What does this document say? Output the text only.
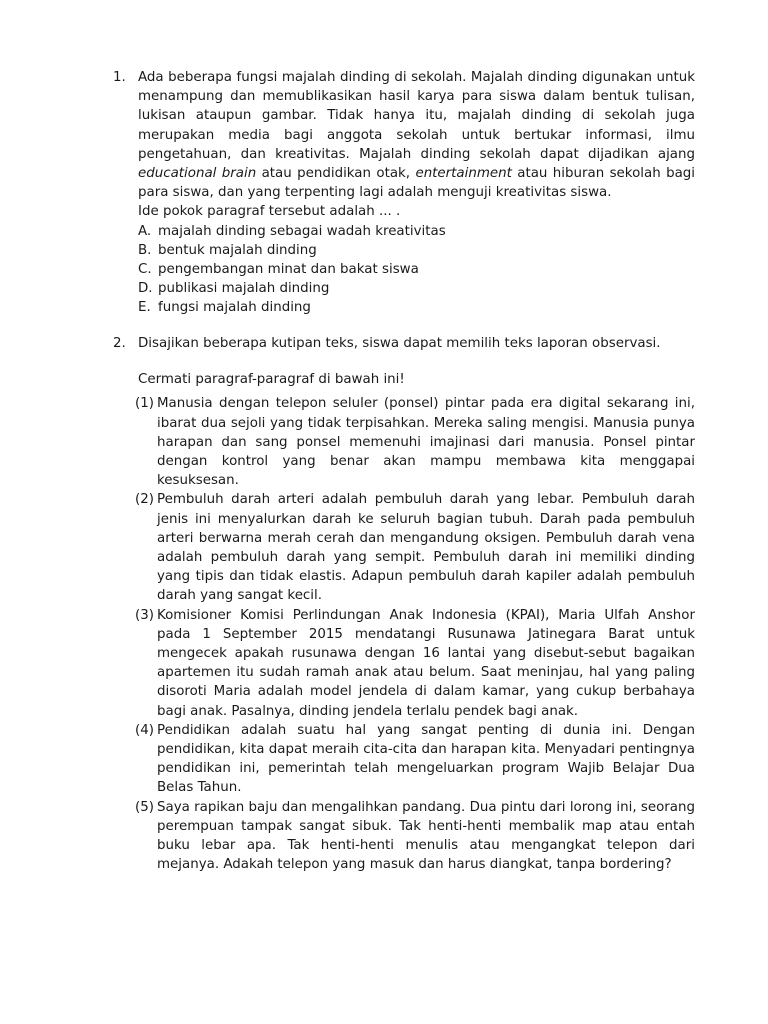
1. Ada beberapa fungsi majalah dinding di sekolah. Majalah dinding digunakan untuk menampung dan memublikasikan hasil karya para siswa dalam bentuk tulisan, lukisan ataupun gambar. Tidak hanya itu, majalah dinding di sekolah juga merupakan media bagi anggota sekolah untuk bertukar informasi, ilmu pengetahuan, dan kreativitas. Majalah dinding sekolah dapat dijadikan ajang educational brain atau pendidikan otak, entertainment atau hiburan sekolah bagi para siswa, dan yang terpenting lagi adalah menguji kreativitas siswa.

Ide pokok paragraf tersebut adalah ... .

A. majalah dinding sebagai wadah kreativitas
B. bentuk majalah dinding
C. pengembangan minat dan bakat siswa
D. publikasi majalah dinding
E. fungsi majalah dinding
2. Disajikan beberapa kutipan teks, siswa dapat memilih teks laporan observasi.

Cermati paragraf-paragraf di bawah ini!

(1) Manusia dengan telepon seluler (ponsel) pintar pada era digital sekarang ini, ibarat dua sejoli yang tidak terpisahkan. Mereka saling mengisi. Manusia punya harapan dan sang ponsel memenuhi imajinasi dari manusia. Ponsel pintar dengan kontrol yang benar akan mampu membawa kita menggapai kesuksesan.
(2) Pembuluh darah arteri adalah pembuluh darah yang lebar. Pembuluh darah jenis ini menyalurkan darah ke seluruh bagian tubuh. Darah pada pembuluh arteri berwarna merah cerah dan mengandung oksigen. Pembuluh darah vena adalah pembuluh darah yang sempit. Pembuluh darah ini memiliki dinding yang tipis dan tidak elastis. Adapun pembuluh darah kapiler adalah pembuluh darah yang sangat kecil.
(3) Komisioner Komisi Perlindungan Anak Indonesia (KPAI), Maria Ulfah Anshor pada 1 September 2015 mendatangi Rusunawa Jatinegara Barat untuk mengecek apakah rusunawa dengan 16 lantai yang disebut-sebut bagaikan apartemen itu sudah ramah anak atau belum. Saat meninjau, hal yang paling disoroti Maria adalah model jendela di dalam kamar, yang cukup berbahaya bagi anak. Pasalnya, dinding jendela terlalu pendek bagi anak.
(4) Pendidikan adalah suatu hal yang sangat penting di dunia ini. Dengan pendidikan, kita dapat meraih cita-cita dan harapan kita. Menyadari pentingnya pendidikan ini, pemerintah telah mengeluarkan program Wajib Belajar Dua Belas Tahun.
(5) Saya rapikan baju dan mengalihkan pandang. Dua pintu dari lorong ini, seorang perempuan tampak sangat sibuk. Tak henti-henti membalik map atau entah buku lebar apa. Tak henti-henti menulis atau mengangkat telepon dari mejanya. Adakah telepon yang masuk dan harus diangkat, tanpa bordering?
